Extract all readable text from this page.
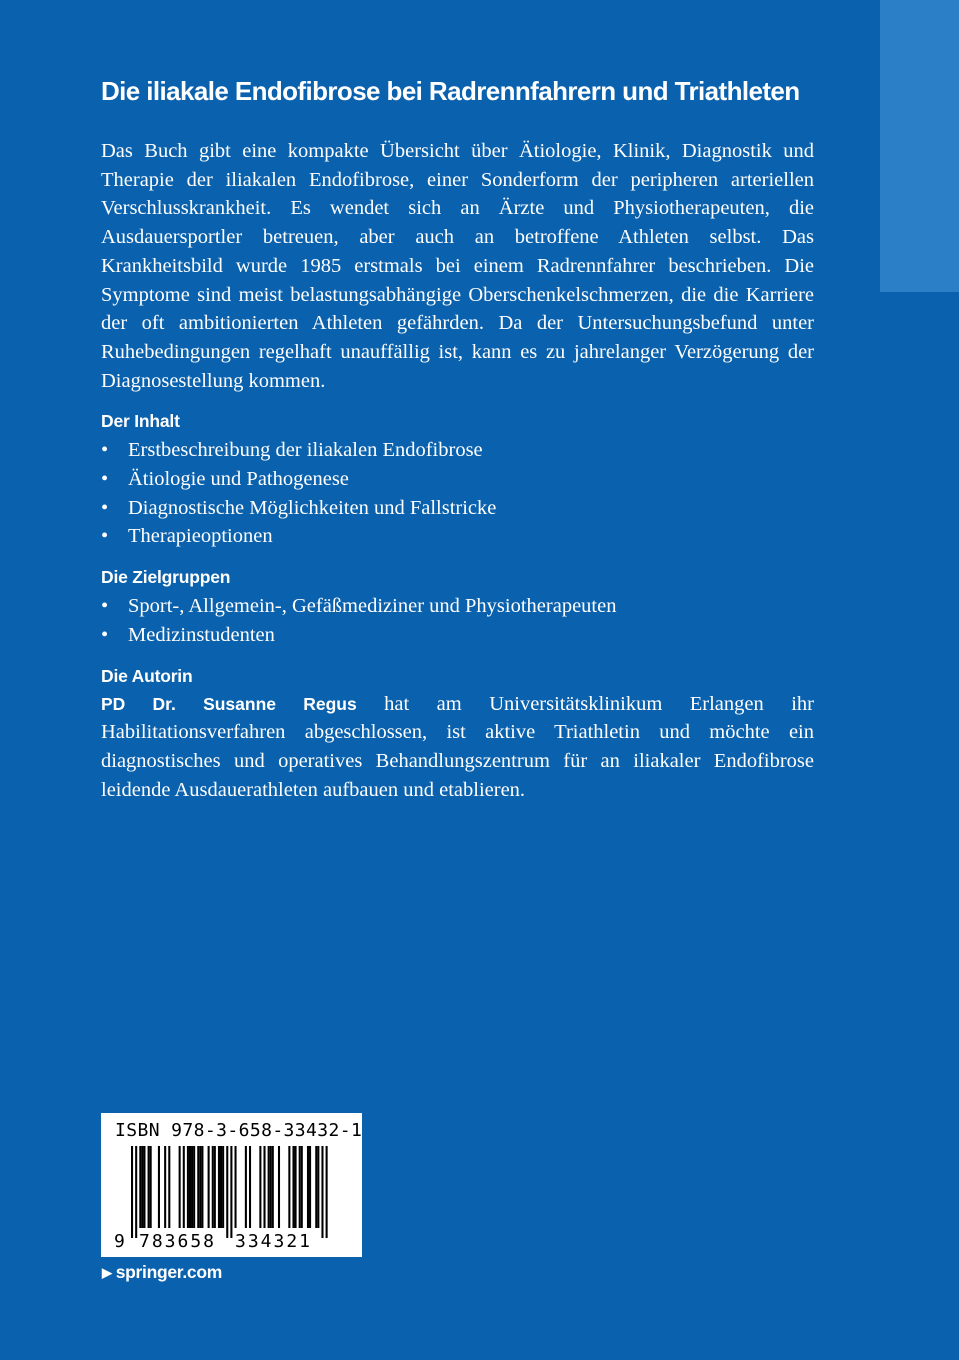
Die iliakale Endofibrose bei Radrennfahrern und Triathleten

Das Buch gibt eine kompakte Übersicht über Ätiologie, Klinik, Diagnostik und Therapie der iliakalen Endofibrose, einer Sonderform der peripheren arteriellen Verschlusskrankheit. Es wendet sich an Ärzte und Physiotherapeuten, die Ausdauersportler betreuen, aber auch an betroffene Athleten selbst. Das Krankheitsbild wurde 1985 erstmals bei einem Radrennfahrer beschrieben. Die Symptome sind meist belastungsabhängige Oberschenkelschmerzen, die die Karriere der oft ambitionierten Athleten gefährden. Da der Untersuchungsbefund unter Ruhebedingungen regelhaft unauffällig ist, kann es zu jahrelanger Verzögerung der Diagnosestellung kommen.

Der Inhalt
• Erstbeschreibung der iliakalen Endofibrose
• Ätiologie und Pathogenese
• Diagnostische Möglichkeiten und Fallstricke
• Therapieoptionen
Die Zielgruppen
• Sport-, Allgemein-, Gefäßmediziner und Physiotherapeuten
• Medizinstudenten
Die Autorin

PD Dr. Susanne Regus hat am Universitätsklinikum Erlangen ihr Habilitationsverfahren abgeschlossen, ist aktive Triathletin und möchte ein diagnostisches und operatives Behandlungszentrum für an iliakaler Endofibrose leidende Ausdauerathleten aufbauen und etablieren.

ISBN 978-3-658-33432-1
9 783658 334321
▶ springer.com
